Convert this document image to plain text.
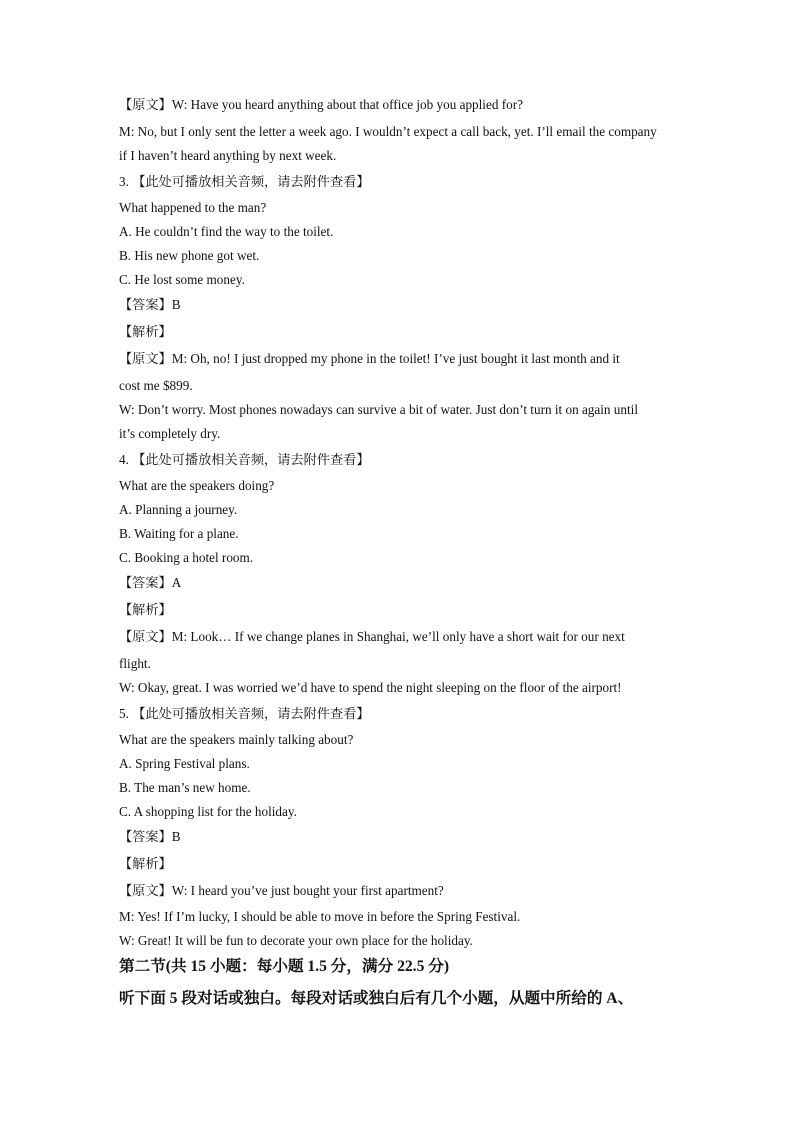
【原文】W: Have you heard anything about that office job you applied for?
M: No, but I only sent the letter a week ago. I wouldn’t expect a call back, yet. I’ll email the company
if I haven’t heard anything by next week.
3. 【此处可播放相关音频，请去附件查看】
What happened to the man?
A. He couldn’t find the way to the toilet.
B. His new phone got wet.
C. He lost some money.
【答案】B
【解析】
【原文】M: Oh, no! I just dropped my phone in the toilet! I’ve just bought it last month and it
cost me $899.
W: Don’t worry. Most phones nowadays can survive a bit of water. Just don’t turn it on again until
it’s completely dry.
4. 【此处可播放相关音频，请去附件查看】
What are the speakers doing?
A. Planning a journey.
B. Waiting for a plane.
C. Booking a hotel room.
【答案】A
【解析】
【原文】M: Look… If we change planes in Shanghai, we’ll only have a short wait for our next
flight.
W: Okay, great. I was worried we’d have to spend the night sleeping on the floor of the airport!
5. 【此处可播放相关音频，请去附件查看】
What are the speakers mainly talking about?
A. Spring Festival plans.
B. The man’s new home.
C. A shopping list for the holiday.
【答案】B
【解析】
【原文】W: I heard you’ve just bought your first apartment?
M: Yes! If I’m lucky, I should be able to move in before the Spring Festival.
W: Great! It will be fun to decorate your own place for the holiday.
第二节(共 15 小题：每小题 1.5 分，满分 22.5 分)
听下面 5 段对话或独白。每段对话或独白后有几个小题，从题中所给的 A、
